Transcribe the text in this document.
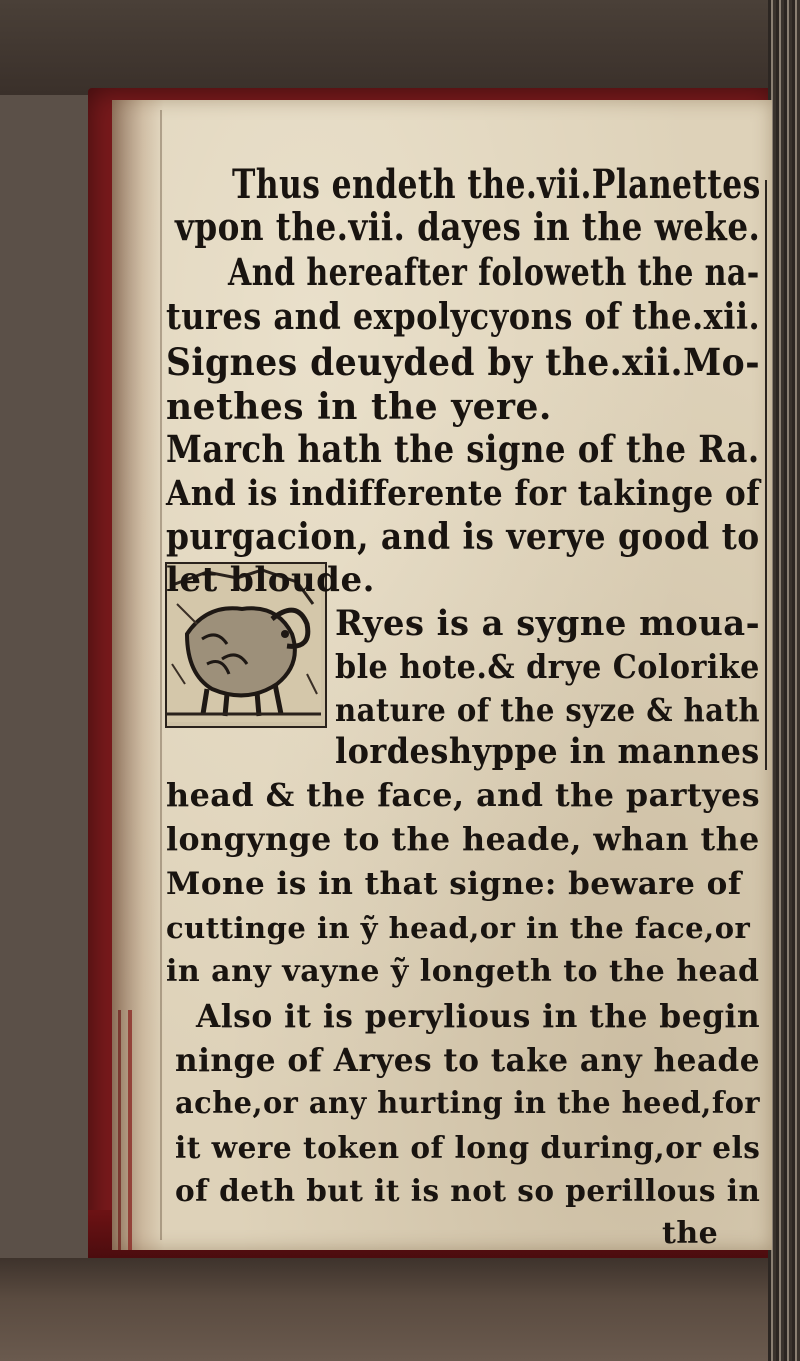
Thus endeth the.vii.Planettes
vpon the.vii. dayes in the weke.
And hereafter foloweth the na-
tures and expolycyons of the.xii.
Signes deuyded by the.xii.Mo-
nethes in the yere.
March hath the signe of the Ra.
And is indifferente for takinge of
purgacion, and is verye good to
let bloude.
Ryes is a sygne moua-
ble hote.& drye Colorike
nature of the syze & hath
lordeshyppe in mannes
head & the face, and the partyes
longynge to the heade, whan the
Mone is in that signe: beware of
cuttinge in ỹ head,or in the face,or
in any vayne ỹ longeth to the head
Also it is perylious in the begin
ninge of Aryes to take any heade
ache,or any hurting in the heed,for
it were token of long during,or els
of deth but it is not so perillous in
the
